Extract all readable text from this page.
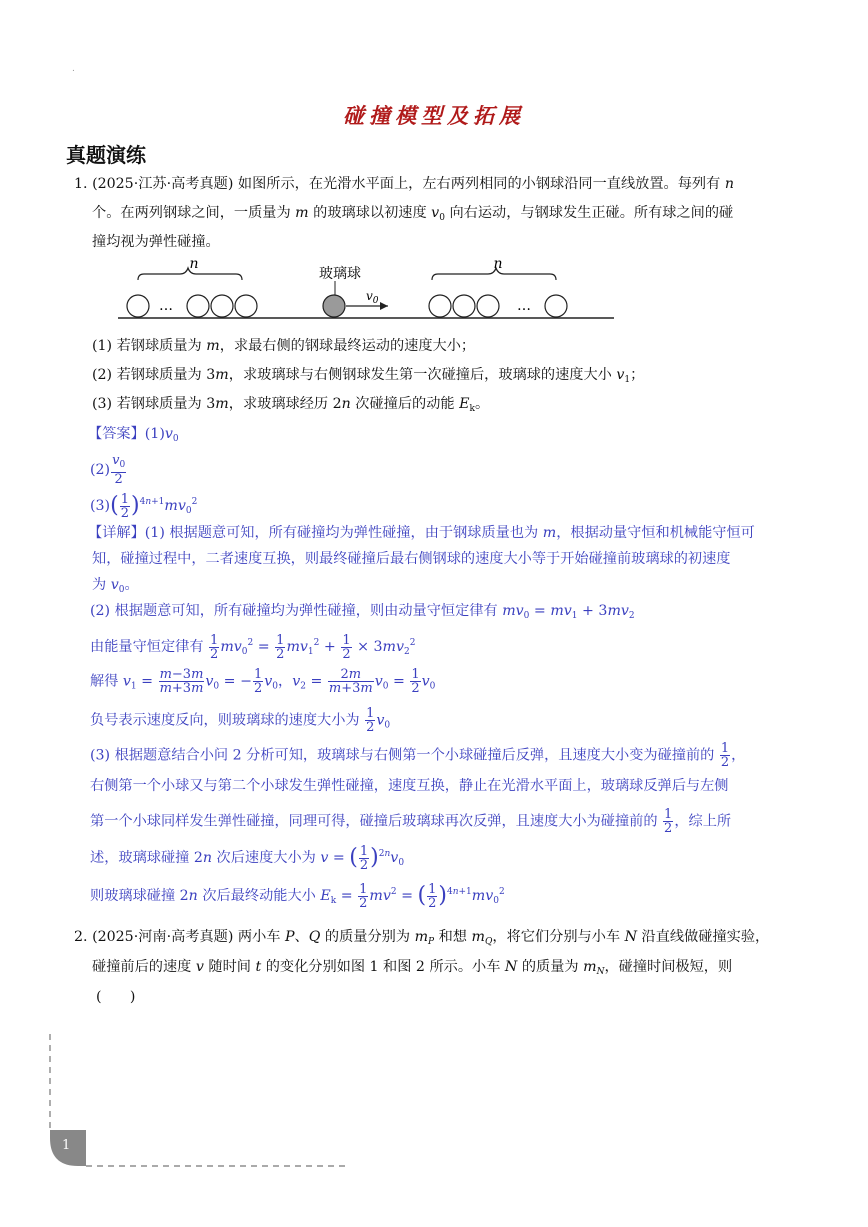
.
碰撞模型及拓展
真题演练
1. (2025·江苏·高考真题) 如图所示，在光滑水平面上，左右两列相同的小钢球沿同一直线放置。每列有 n
个。在两列钢球之间，一质量为 m 的玻璃球以初速度 $v_0$ 向右运动，与钢球发生正碰。所有球之间的碰
撞均视为弹性碰撞。
n
…
玻璃球
$v_0$
n
…
(1) 若钢球质量为 m，求最右侧的钢球最终运动的速度大小；
(2) 若钢球质量为 3m，求玻璃球与右侧钢球发生第一次碰撞后，玻璃球的速度大小 $v_1$；
(3) 若钢球质量为 3m，求玻璃球经历 2n 次碰撞后的动能 $E_k$。
【答案】$(1)v_0$
$(2) \frac{v_0}{2}$
$(3)( \frac{1}{2} )^{4n+1}mv_0^2$
【详解】(1) 根据题意可知，所有碰撞均为弹性碰撞，由于钢球质量也为 m，根据动量守恒和机械能守恒可
知，碰撞过程中，二者速度互换，则最终碰撞后最右侧钢球的速度大小等于开始碰撞前玻璃球的初速度
为 $v_0$。
(2) 根据题意可知，所有碰撞均为弹性碰撞，则由动量守恒定律有 $mv_0 = mv_1 + 3mv_2$
由能量守恒定律有 $\frac{1}{2} mv_0^2 = \frac{1}{2} mv_1^2 + \frac{1}{2} \times 3mv_2^2$
解得 $v_1 = \frac{m-3m}{m+3m} v_0$ = − $\frac{1}{2} v_0$，$v_2 = \frac{2m}{m+3m} v_0 = \frac{1}{2} v_0$
负号表示速度反向，则玻璃球的速度大小为 $\frac{1}{2} v_0$
(3) 根据题意结合小问 2 分析可知，玻璃球与右侧第一个小球碰撞后反弹，且速度大小变为碰撞前的 $\frac{1}{2}$ ，
右侧第一个小球又与第二个小球发生弹性碰撞，速度互换，静止在光滑水平面上，玻璃球反弹后与左侧
第一个小球同样发生弹性碰撞，同理可得，碰撞后玻璃球再次反弹，且速度大小为碰撞前的 $\frac{1}{2}$ ，综上所
述，玻璃球碰撞 2n 次后速度大小为 v = ( $\frac{1}{2} )^{2n}v_0$
则玻璃球碰撞 2n 次后最终动能大小 $E_k = \frac{1}{2} mv^2$ = ( $\frac{1}{2} )^{4n+1}mv_0^2$
2. (2025·河南·高考真题) 两小车 P、Q 的质量分别为 $m_P$ 和想 $m_Q$，将它们分别与小车 N 沿直线做碰撞实验，
碰撞前后的速度 v 随时间 t 的变化分别如图 1 和图 2 所示。小车 N 的质量为 $m_N$，碰撞时间极短，则
(　　)
1
